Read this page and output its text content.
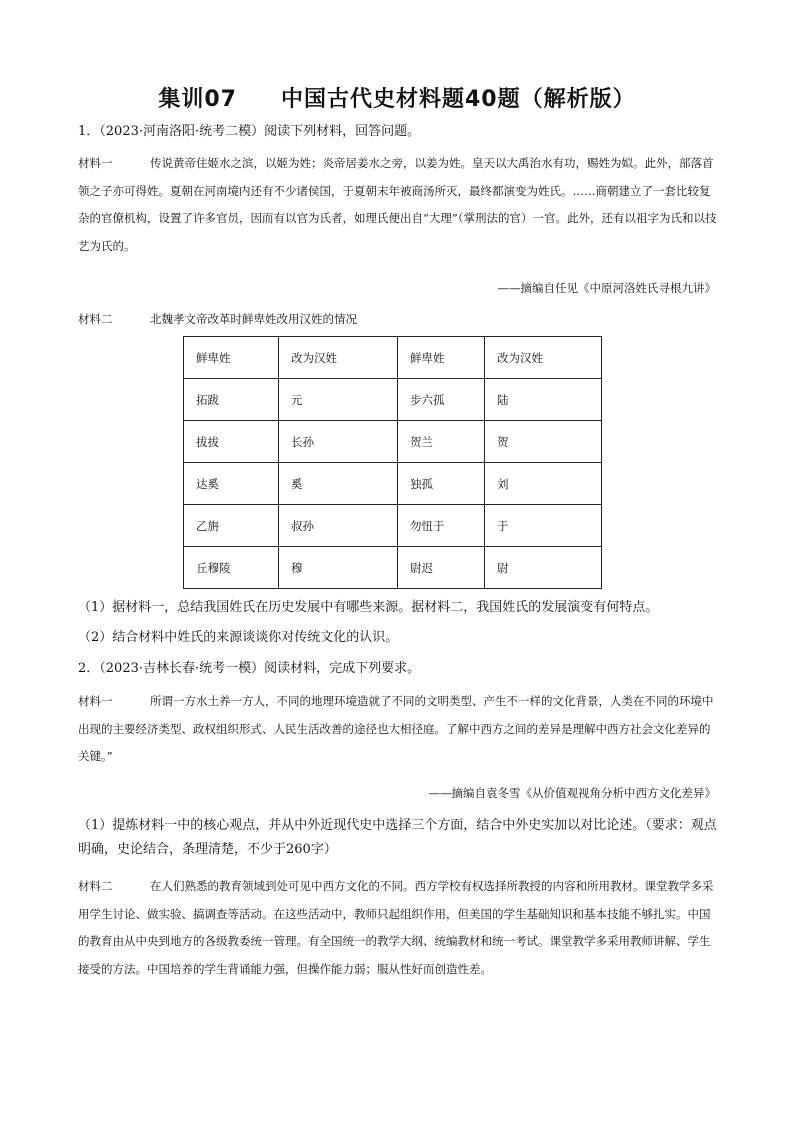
集训07 中国古代史材料题40题（解析版）
1．（2023·河南洛阳·统考二模）阅读下列材料，回答问题。
材料一	传说黄帝住姬水之滨，以姬为姓；炎帝居姜水之旁，以姜为姓。皇天以大禹治水有功，赐姓为姒。此外，部落首领之子亦可得姓。夏朝在河南境内还有不少诸侯国，于夏朝末年被商汤所灭，最终都演变为姓氏。……商朝建立了一套比较复杂的官僚机构，设置了许多官员，因而有以官为氏者，如理氏便出自“大理”（掌刑法的官）一官。此外，还有以祖字为氏和以技艺为氏的。
——摘编自任见《中原河洛姓氏寻根九讲》
材料二	北魏孝文帝改革时鲜卑姓改用汉姓的情况
鲜卑姓	改为汉姓	鲜卑姓	改为汉姓
拓跋	元	步六孤	陆
拔拔	长孙	贺兰	贺
达奚	奚	独孤	刘
乙旃	叔孙	勿忸于	于
丘穆陵	穆	尉迟	尉
（1）据材料一，总结我国姓氏在历史发展中有哪些来源。据材料二，我国姓氏的发展演变有何特点。
（2）结合材料中姓氏的来源谈谈你对传统文化的认识。
2．（2023·吉林长春·统考一模）阅读材料，完成下列要求。
材料一	所谓一方水土养一方人，不同的地理环境造就了不同的文明类型、产生不一样的文化背景，人类在不同的环境中出现的主要经济类型、政权组织形式、人民生活改善的途径也大相径庭。了解中西方之间的差异是理解中西方社会文化差异的关键。”
——摘编自袁冬雪《从价值观视角分析中西方文化差异》
（1）提炼材料一中的核心观点，并从中外近现代史中选择三个方面，结合中外史实加以对比论述。（要求：观点明确，史论结合，条理清楚，不少于260字）
材料二	在人们熟悉的教育领域到处可见中西方文化的不同。西方学校有权选择所教授的内容和所用教材。课堂教学多采用学生讨论、做实验、搞调查等活动。在这些活动中，教师只起组织作用，但美国的学生基础知识和基本技能不够扎实。中国的教育由从中央到地方的各级教委统一管理。有全国统一的教学大纲、统编教材和统一考试。课堂教学多采用教师讲解、学生接受的方法。中国培养的学生背诵能力强，但操作能力弱；服从性好而创造性差。
